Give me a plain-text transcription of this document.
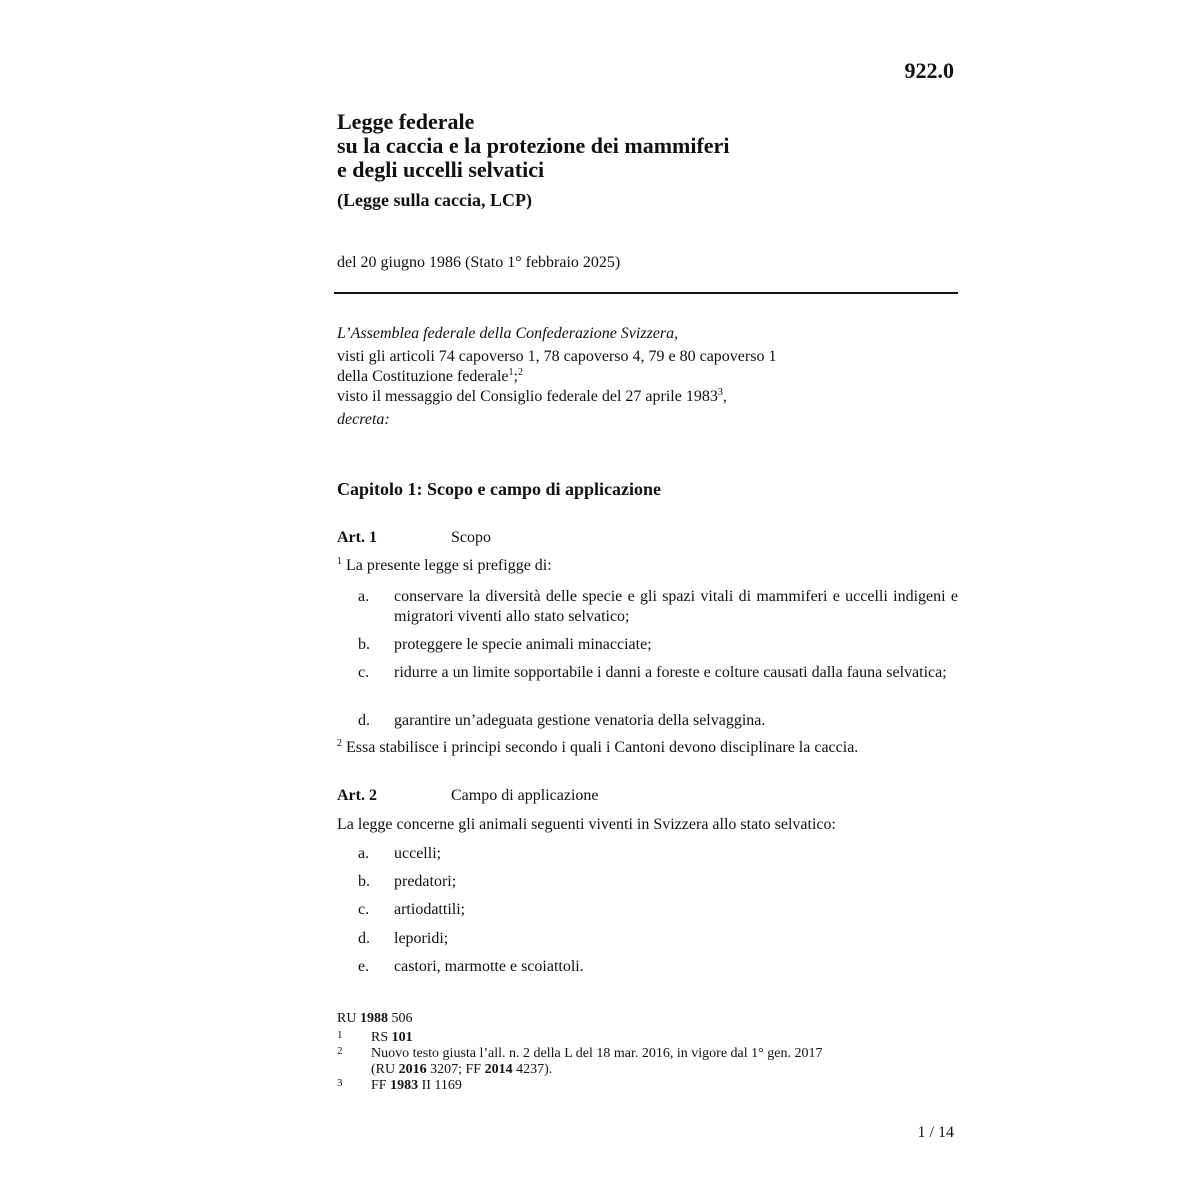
922.0
Legge federale
su la caccia e la protezione dei mammiferi
e degli uccelli selvatici
(Legge sulla caccia, LCP)
del 20 giugno 1986 (Stato 1° febbraio 2025)
L’Assemblea federale della Confederazione Svizzera,
visti gli articoli 74 capoverso 1, 78 capoverso 4, 79 e 80 capoverso 1
della Costituzione federale$^1$;$^2$
visto il messaggio del Consiglio federale del 27 aprile 1983$^3$,
decreta:
Capitolo 1: Scopo e campo di applicazione
Art. 1	Scopo
$^1$ La presente legge si prefigge di:
a.	conservare la diversità delle specie e gli spazi vitali di mammiferi e uccelli indigeni e migratori viventi allo stato selvatico;
b.	proteggere le specie animali minacciate;
c.	ridurre a un limite sopportabile i danni a foreste e colture causati dalla fauna selvatica;
d.	garantire un’adeguata gestione venatoria della selvaggina.
$^2$ Essa stabilisce i principi secondo i quali i Cantoni devono disciplinare la caccia.
Art. 2	Campo di applicazione
La legge concerne gli animali seguenti viventi in Svizzera allo stato selvatico:
a.	uccelli;
b.	predatori;
c.	artiodattili;
d.	leporidi;
e.	castori, marmotte e scoiattoli.
RU 1988 506
1 RS 101
2 Nuovo testo giusta l’all. n. 2 della L del 18 mar. 2016, in vigore dal 1° gen. 2017
(RU 2016 3207; FF 2014 4237).
3 FF 1983 II 1169
1 / 14
